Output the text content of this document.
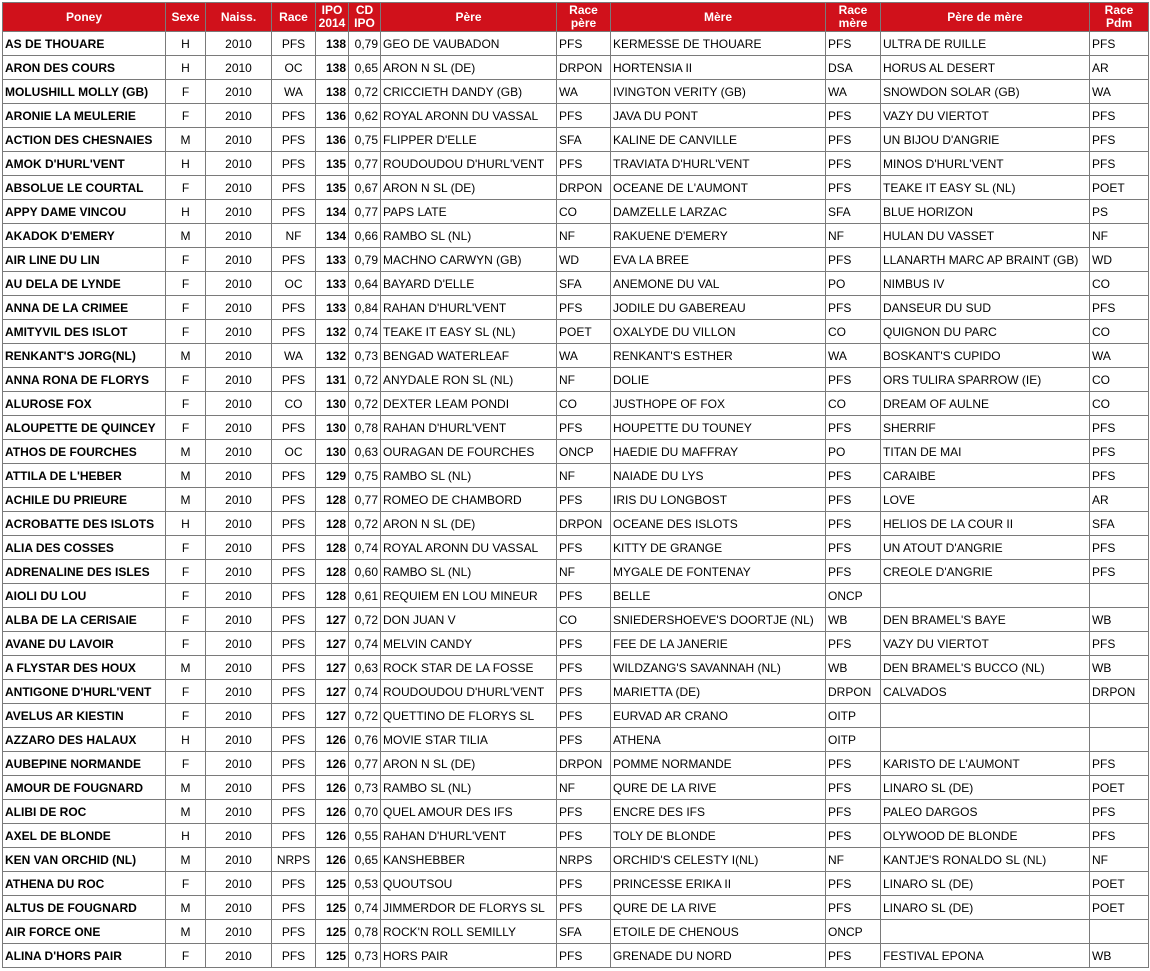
Poney	Sexe	Naiss.	Race	IPO 2014	CD IPO	Père	Race père	Mère	Race mère	Père de mère	Race Pdm
AS DE THOUARE	H	2010	PFS	138	0,79	GEO DE VAUBADON	PFS	KERMESSE DE THOUARE	PFS	ULTRA DE RUILLE	PFS
ARON DES COURS	H	2010	OC	138	0,65	ARON N SL (DE)	DRPON	HORTENSIA II	DSA	HORUS AL DESERT	AR
MOLUSHILL MOLLY (GB)	F	2010	WA	138	0,72	CRICCIETH DANDY (GB)	WA	IVINGTON VERITY (GB)	WA	SNOWDON SOLAR (GB)	WA
ARONIE LA MEULERIE	F	2010	PFS	136	0,62	ROYAL ARONN DU VASSAL	PFS	JAVA DU PONT	PFS	VAZY DU VIERTOT	PFS
ACTION DES CHESNAIES	M	2010	PFS	136	0,75	FLIPPER D'ELLE	SFA	KALINE DE CANVILLE	PFS	UN BIJOU D'ANGRIE	PFS
AMOK D'HURL'VENT	H	2010	PFS	135	0,77	ROUDOUDOU D'HURL'VENT	PFS	TRAVIATA D'HURL'VENT	PFS	MINOS D'HURL'VENT	PFS
ABSOLUE LE COURTAL	F	2010	PFS	135	0,67	ARON N SL (DE)	DRPON	OCEANE DE L'AUMONT	PFS	TEAKE IT EASY SL (NL)	POET
APPY DAME VINCOU	H	2010	PFS	134	0,77	PAPS LATE	CO	DAMZELLE LARZAC	SFA	BLUE HORIZON	PS
AKADOK D'EMERY	M	2010	NF	134	0,66	RAMBO SL (NL)	NF	RAKUENE D'EMERY	NF	HULAN DU VASSET	NF
AIR LINE DU LIN	F	2010	PFS	133	0,79	MACHNO CARWYN (GB)	WD	EVA LA BREE	PFS	LLANARTH MARC AP BRAINT (GB)	WD
AU DELA DE LYNDE	F	2010	OC	133	0,64	BAYARD D'ELLE	SFA	ANEMONE DU VAL	PO	NIMBUS IV	CO
ANNA DE LA CRIMEE	F	2010	PFS	133	0,84	RAHAN D'HURL'VENT	PFS	JODILE DU GABEREAU	PFS	DANSEUR DU SUD	PFS
AMITYVIL DES ISLOT	F	2010	PFS	132	0,74	TEAKE IT EASY SL (NL)	POET	OXALYDE DU VILLON	CO	QUIGNON DU PARC	CO
RENKANT'S JORG(NL)	M	2010	WA	132	0,73	BENGAD WATERLEAF	WA	RENKANT'S ESTHER	WA	BOSKANT'S CUPIDO	WA
ANNA RONA DE FLORYS	F	2010	PFS	131	0,72	ANYDALE RON SL (NL)	NF	DOLIE	PFS	ORS TULIRA SPARROW (IE)	CO
ALUROSE FOX	F	2010	CO	130	0,72	DEXTER LEAM PONDI	CO	JUSTHOPE OF FOX	CO	DREAM OF AULNE	CO
ALOUPETTE DE QUINCEY	F	2010	PFS	130	0,78	RAHAN D'HURL'VENT	PFS	HOUPETTE DU TOUNEY	PFS	SHERRIF	PFS
ATHOS DE FOURCHES	M	2010	OC	130	0,63	OURAGAN DE FOURCHES	ONCP	HAEDIE DU MAFFRAY	PO	TITAN DE MAI	PFS
ATTILA DE L'HEBER	M	2010	PFS	129	0,75	RAMBO SL (NL)	NF	NAIADE DU LYS	PFS	CARAIBE	PFS
ACHILE DU PRIEURE	M	2010	PFS	128	0,77	ROMEO DE CHAMBORD	PFS	IRIS DU LONGBOST	PFS	LOVE	AR
ACROBATTE DES ISLOTS	H	2010	PFS	128	0,72	ARON N SL (DE)	DRPON	OCEANE DES ISLOTS	PFS	HELIOS DE LA COUR II	SFA
ALIA DES COSSES	F	2010	PFS	128	0,74	ROYAL ARONN DU VASSAL	PFS	KITTY DE GRANGE	PFS	UN ATOUT D'ANGRIE	PFS
ADRENALINE DES ISLES	F	2010	PFS	128	0,60	RAMBO SL (NL)	NF	MYGALE DE FONTENAY	PFS	CREOLE D'ANGRIE	PFS
AIOLI DU LOU	F	2010	PFS	128	0,61	REQUIEM EN LOU MINEUR	PFS	BELLE	ONCP		
ALBA DE LA CERISAIE	F	2010	PFS	127	0,72	DON JUAN V	CO	SNIEDERSHOEVE'S DOORTJE (NL)	WB	DEN BRAMEL'S BAYE	WB
AVANE DU LAVOIR	F	2010	PFS	127	0,74	MELVIN CANDY	PFS	FEE DE LA JANERIE	PFS	VAZY DU VIERTOT	PFS
A FLYSTAR DES HOUX	M	2010	PFS	127	0,63	ROCK STAR DE LA FOSSE	PFS	WILDZANG'S SAVANNAH (NL)	WB	DEN BRAMEL'S BUCCO (NL)	WB
ANTIGONE D'HURL'VENT	F	2010	PFS	127	0,74	ROUDOUDOU D'HURL'VENT	PFS	MARIETTA (DE)	DRPON	CALVADOS	DRPON
AVELUS AR KIESTIN	F	2010	PFS	127	0,72	QUETTINO DE FLORYS SL	PFS	EURVAD AR CRANO	OITP		
AZZARO DES HALAUX	H	2010	PFS	126	0,76	MOVIE STAR TILIA	PFS	ATHENA	OITP		
AUBEPINE NORMANDE	F	2010	PFS	126	0,77	ARON N SL (DE)	DRPON	POMME NORMANDE	PFS	KARISTO DE L'AUMONT	PFS
AMOUR DE FOUGNARD	M	2010	PFS	126	0,73	RAMBO SL (NL)	NF	QURE DE LA RIVE	PFS	LINARO SL (DE)	POET
ALIBI DE ROC	M	2010	PFS	126	0,70	QUEL AMOUR DES IFS	PFS	ENCRE DES IFS	PFS	PALEO DARGOS	PFS
AXEL DE BLONDE	H	2010	PFS	126	0,55	RAHAN D'HURL'VENT	PFS	TOLY DE BLONDE	PFS	OLYWOOD DE BLONDE	PFS
KEN VAN ORCHID (NL)	M	2010	NRPS	126	0,65	KANSHEBBER	NRPS	ORCHID'S CELESTY I(NL)	NF	KANTJE'S RONALDO SL (NL)	NF
ATHENA DU ROC	F	2010	PFS	125	0,53	QUOUTSOU	PFS	PRINCESSE ERIKA II	PFS	LINARO SL (DE)	POET
ALTUS DE FOUGNARD	M	2010	PFS	125	0,74	JIMMERDOR DE FLORYS SL	PFS	QURE DE LA RIVE	PFS	LINARO SL (DE)	POET
AIR FORCE ONE	M	2010	PFS	125	0,78	ROCK'N ROLL SEMILLY	SFA	ETOILE DE CHENOUS	ONCP		
ALINA D'HORS PAIR	F	2010	PFS	125	0,73	HORS PAIR	PFS	GRENADE DU NORD	PFS	FESTIVAL EPONA	WB
